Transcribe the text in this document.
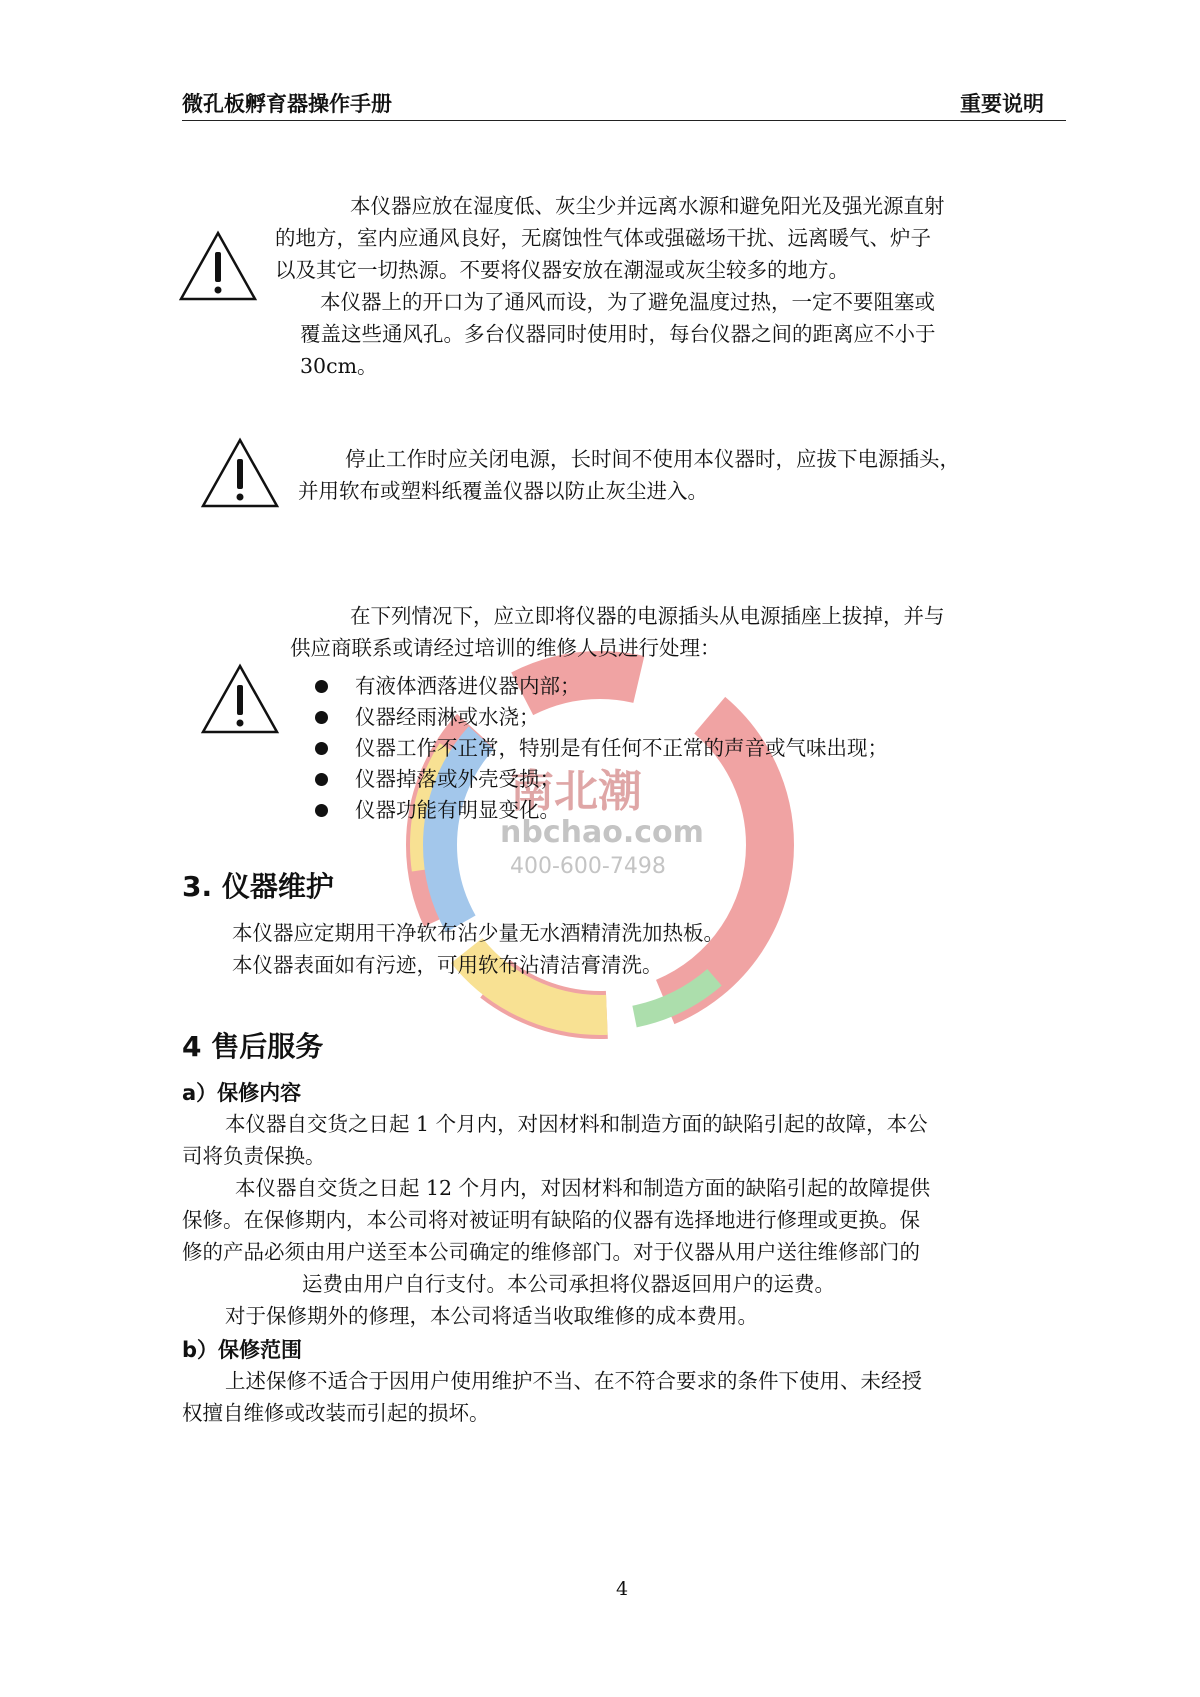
微孔板孵育器操作手册	重要说明
南北潮
nbchao.com
400-600-7498
本仪器应放在湿度低、灰尘少并远离水源和避免阳光及强光源直射
的地方，室内应通风良好，无腐蚀性气体或强磁场干扰、远离暖气、炉子
以及其它一切热源。不要将仪器安放在潮湿或灰尘较多的地方。
本仪器上的开口为了通风而设，为了避免温度过热，一定不要阻塞或
覆盖这些通风孔。多台仪器同时使用时，每台仪器之间的距离应不小于
30cm。
停止工作时应关闭电源，长时间不使用本仪器时，应拔下电源插头，
并用软布或塑料纸覆盖仪器以防止灰尘进入。
在下列情况下，应立即将仪器的电源插头从电源插座上拔掉，并与
供应商联系或请经过培训的维修人员进行处理：
有液体洒落进仪器内部；
仪器经雨淋或水浇；
仪器工作不正常，特别是有任何不正常的声音或气味出现；
仪器掉落或外壳受损；
仪器功能有明显变化。
3. 仪器维护
本仪器应定期用干净软布沾少量无水酒精清洗加热板。
本仪器表面如有污迹，可用软布沾清洁膏清洗。
4 售后服务
a）保修内容
本仪器自交货之日起 1 个月内，对因材料和制造方面的缺陷引起的故障，本公
司将负责保换。
本仪器自交货之日起 12 个月内，对因材料和制造方面的缺陷引起的故障提供
保修。在保修期内，本公司将对被证明有缺陷的仪器有选择地进行修理或更换。保
修的产品必须由用户送至本公司确定的维修部门。对于仪器从用户送往维修部门的
运费由用户自行支付。本公司承担将仪器返回用户的运费。
对于保修期外的修理，本公司将适当收取维修的成本费用。
b）保修范围
上述保修不适合于因用户使用维护不当、在不符合要求的条件下使用、未经授
权擅自维修或改装而引起的损坏。
4
